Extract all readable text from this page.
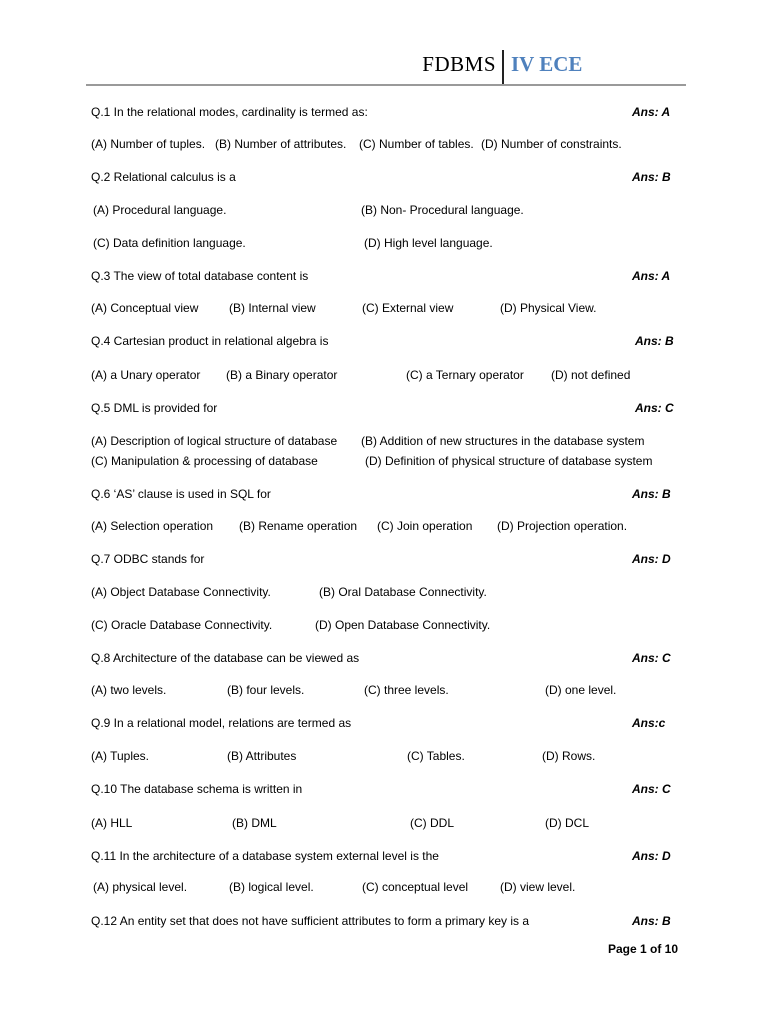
FDBMS IV ECE
Q.1 In the relational modes, cardinality is termed as:	Ans: A
(A) Number of tuples. (B) Number of attributes. (C) Number of tables. (D) Number of constraints.
Q.2 Relational calculus is a	Ans: B
(A) Procedural language.	(B) Non- Procedural language.
(C) Data definition language.	(D) High level language.
Q.3 The view of total database content is	Ans: A
(A) Conceptual view	(B) Internal view	(C) External view	(D) Physical View.
Q.4 Cartesian product in relational algebra is	Ans: B
(A) a Unary operator (B) a Binary operator	(C) a Ternary operator (D) not defined
Q.5 DML is provided for	Ans: C
(A) Description of logical structure of database (B) Addition of new structures in the database system
(C) Manipulation & processing of database	(D) Definition of physical structure of database system
Q.6 ‘AS’ clause is used in SQL for	Ans: B
(A) Selection operation (B) Rename operation (C) Join operation (D) Projection operation.
Q.7 ODBC stands for	Ans: D
(A) Object Database Connectivity.	(B) Oral Database Connectivity.
(C) Oracle Database Connectivity.	(D) Open Database Connectivity.
Q.8 Architecture of the database can be viewed as	Ans: C
(A) two levels.	(B) four levels.	(C) three levels.	(D) one level.
Q.9 In a relational model, relations are termed as	Ans:c
(A) Tuples.	(B) Attributes	(C) Tables.	(D) Rows.
Q.10 The database schema is written in	Ans: C
(A) HLL	(B) DML	(C) DDL	(D) DCL
Q.11 In the architecture of a database system external level is the	Ans: D
(A) physical level.	(B) logical level.	(C) conceptual level	(D) view level.
Q.12 An entity set that does not have sufficient attributes to form a primary key is a	Ans: B
Page 1 of 10
